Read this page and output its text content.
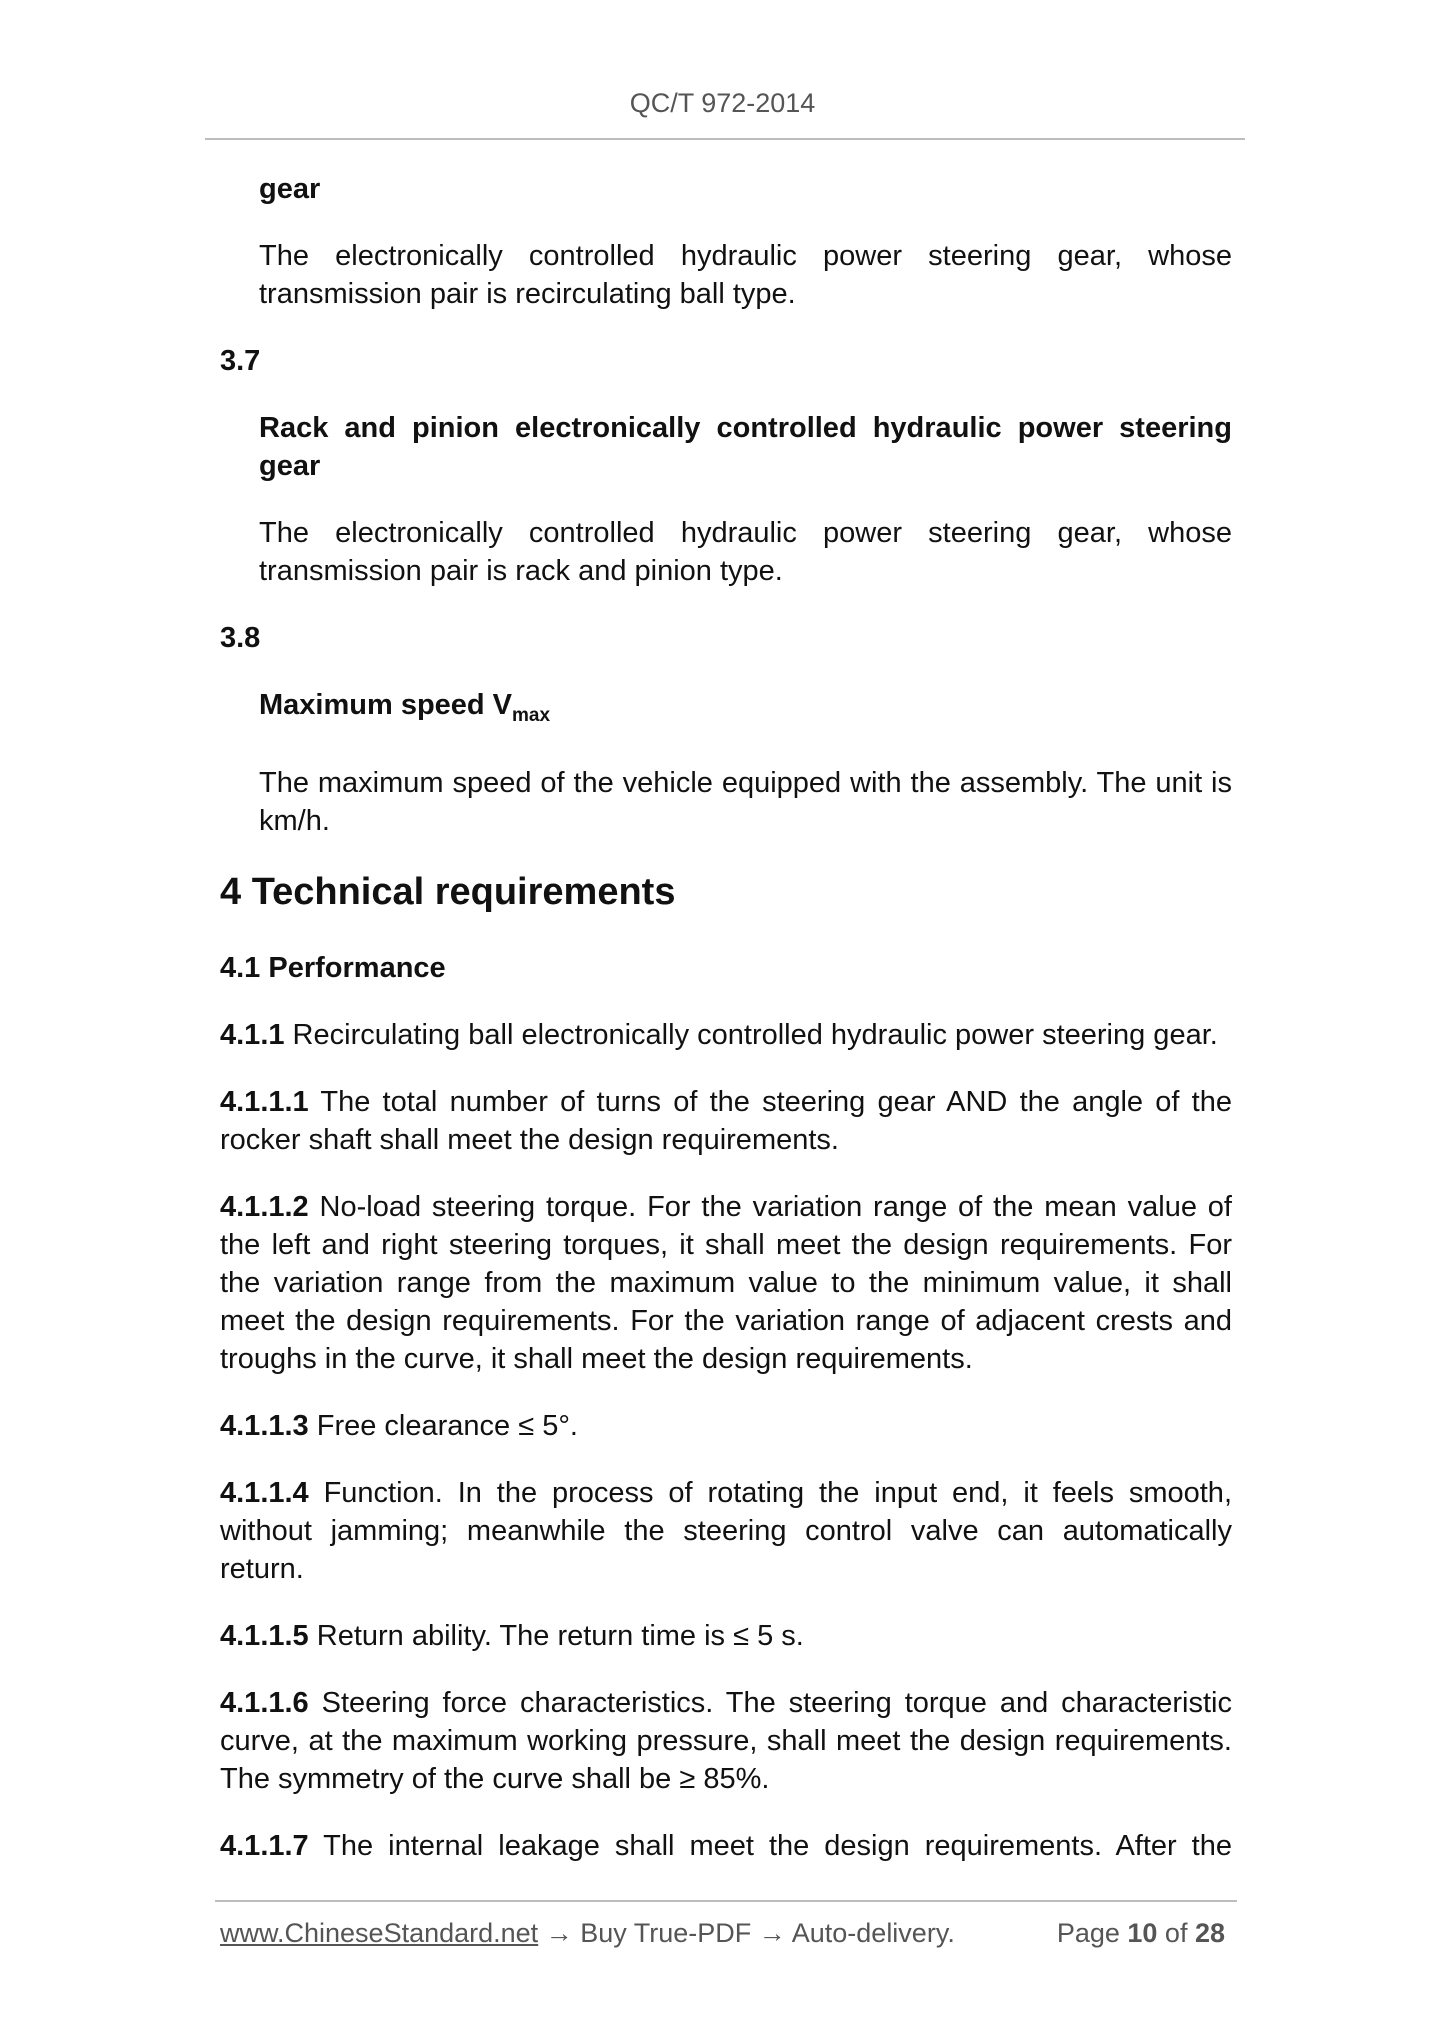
QC/T 972-2014
gear
The electronically controlled hydraulic power steering gear, whose transmission pair is recirculating ball type.
3.7
Rack and pinion electronically controlled hydraulic power steering gear
The electronically controlled hydraulic power steering gear, whose transmission pair is rack and pinion type.
3.8
Maximum speed $V_{max}$
The maximum speed of the vehicle equipped with the assembly. The unit is km/h.
4 Technical requirements
4.1 Performance
4.1.1 Recirculating ball electronically controlled hydraulic power steering gear.
4.1.1.1 The total number of turns of the steering gear AND the angle of the rocker shaft shall meet the design requirements.
4.1.1.2 No-load steering torque. For the variation range of the mean value of the left and right steering torques, it shall meet the design requirements. For the variation range from the maximum value to the minimum value, it shall meet the design requirements. For the variation range of adjacent crests and troughs in the curve, it shall meet the design requirements.
4.1.1.3 Free clearance ≤ 5°.
4.1.1.4 Function. In the process of rotating the input end, it feels smooth, without jamming; meanwhile the steering control valve can automatically return.
4.1.1.5 Return ability. The return time is ≤ 5 s.
4.1.1.6 Steering force characteristics. The steering torque and characteristic curve, at the maximum working pressure, shall meet the design requirements. The symmetry of the curve shall be ≥ 85%.
4.1.1.7 The internal leakage shall meet the design requirements. After the
www.ChineseStandard.net → Buy True-PDF → Auto-delivery.	Page 10 of 28
